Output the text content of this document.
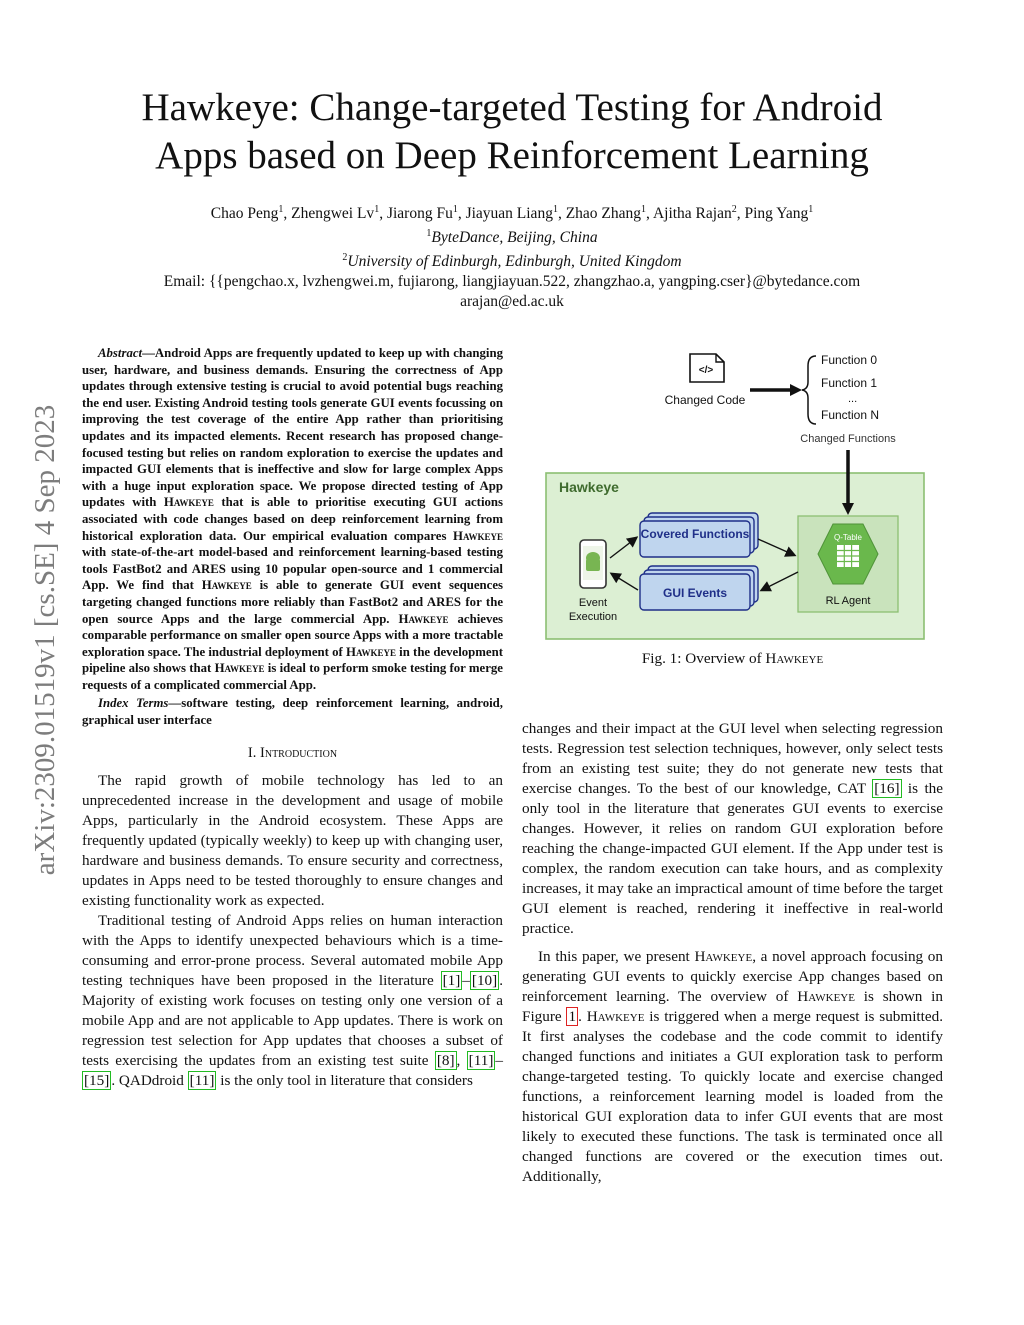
arXiv:2309.01519v1 [cs.SE] 4 Sep 2023
Hawkeye: Change-targeted Testing for Android
Apps based on Deep Reinforcement Learning
Chao Peng$^1$, Zhengwei Lv$^1$, Jiarong Fu$^1$, Jiayuan Liang$^1$, Zhao Zhang$^1$, Ajitha Rajan$^2$, Ping Yang$^1$
$^1$ByteDance, Beijing, China
$^2$University of Edinburgh, Edinburgh, United Kingdom
Email: {{pengchao.x, lvzhengwei.m, fujiarong, liangjiayuan.522, zhangzhao.a, yangping.cser}@bytedance.com
arajan@ed.ac.uk

Abstract—Android Apps are frequently updated to keep up with changing user, hardware, and business demands. Ensuring the correctness of App updates through extensive testing is crucial to avoid potential bugs reaching the end user. Existing Android testing tools generate GUI events focussing on improving the test coverage of the entire App rather than prioritising updates and its impacted elements. Recent research has proposed change-focused testing but relies on random exploration to exercise the updates and impacted GUI elements that is ineffective and slow for large complex Apps with a huge input exploration space. We propose directed testing of App updates with Hawkeye that is able to prioritise executing GUI actions associated with code changes based on deep reinforcement learning from historical exploration data. Our empirical evaluation compares Hawkeye with state-of-the-art model-based and reinforcement learning-based testing tools FastBot2 and ARES using 10 popular open-source and 1 commercial App. We find that Hawkeye is able to generate GUI event sequences targeting changed functions more reliably than FastBot2 and ARES for the open source Apps and the large commercial App. Hawkeye achieves comparable performance on smaller open source Apps with a more tractable exploration space. The industrial deployment of Hawkeye in the development pipeline also shows that Hawkeye is ideal to perform smoke testing for merge requests of a complicated commercial App.

Index Terms—software testing, deep reinforcement learning, android, graphical user interface

I. Introduction

The rapid growth of mobile technology has led to an unprecedented increase in the development and usage of mobile Apps, particularly in the Android ecosystem. These Apps are frequently updated (typically weekly) to keep up with changing user, hardware and business demands. To ensure security and correctness, updates in Apps need to be tested thoroughly to ensure changes and existing functionality work as expected.

Traditional testing of Android Apps relies on human interaction with the Apps to identify unexpected behaviours which is a time-consuming and error-prone process. Several automated mobile App testing techniques have been proposed in the literature [1] – [10] . Majority of existing work focuses on testing only one version of a mobile App and are not applicable to App updates. There is work on regression test selection for App updates that chooses a subset of tests exercising the updates from an existing test suite [8] , [11] –[15] . QADdroid [11] is the only tool in literature that considers

</>
Changed Code
Function 0
Function 1
...
Function N
Changed Functions
Hawkeye
Q-Table
RL Agent
Covered Functions
GUI Events
Event
Execution
Fig. 1: Overview of Hawkeye

changes and their impact at the GUI level when selecting regression tests. Regression test selection techniques, however, only select tests from an existing test suite; they do not generate new tests that exercise changes. To the best of our knowledge, CAT [16] is the only tool in the literature that generates GUI events to exercise changes. However, it relies on random GUI exploration before reaching the change-impacted GUI element. If the App under test is complex, the random execution can take hours, and as complexity increases, it may take an impractical amount of time before the target GUI element is reached, rendering it ineffective in real-world practice.

In this paper, we present Hawkeye, a novel approach focusing on generating GUI events to quickly exercise App changes based on reinforcement learning. The overview of Hawkeye is shown in Figure 1 . Hawkeye is triggered when a merge request is submitted. It first analyses the codebase and the code commit to identify changed functions and initiates a GUI exploration task to perform change-targeted testing. To quickly locate and exercise changed functions, a reinforcement learning model is loaded from the historical GUI exploration data to infer GUI events that are most likely to executed these functions. The task is terminated once all changed functions are covered or the execution times out. Additionally,
